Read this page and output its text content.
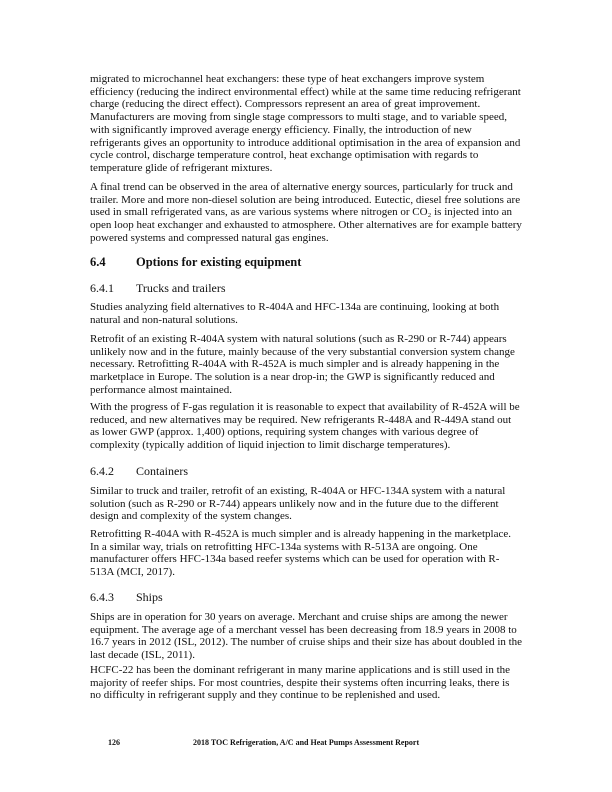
migrated to microchannel heat exchangers: these type of heat exchangers improve system
efficiency (reducing the indirect environmental effect) while at the same time reducing refrigerant
charge (reducing the direct effect). Compressors represent an area of great improvement.
Manufacturers are moving from single stage compressors to multi stage, and to variable speed,
with significantly improved average energy efficiency. Finally, the introduction of new
refrigerants gives an opportunity to introduce additional optimisation in the area of expansion and
cycle control, discharge temperature control, heat exchange optimisation with regards to
temperature glide of refrigerant mixtures.
A final trend can be observed in the area of alternative energy sources, particularly for truck and
trailer. More and more non-diesel solution are being introduced. Eutectic, diesel free solutions are
used in small refrigerated vans, as are various systems where nitrogen or CO₂ is injected into an
open loop heat exchanger and exhausted to atmosphere. Other alternatives are for example battery
powered systems and compressed natural gas engines.
6.4 Options for existing equipment
6.4.1 Trucks and trailers
Studies analyzing field alternatives to R-404A and HFC-134a are continuing, looking at both
natural and non-natural solutions.
Retrofit of an existing R-404A system with natural solutions (such as R-290 or R-744) appears
unlikely now and in the future, mainly because of the very substantial conversion system change
necessary. Retrofitting R-404A with R-452A is much simpler and is already happening in the
marketplace in Europe. The solution is a near drop-in; the GWP is significantly reduced and
performance almost maintained.
With the progress of F-gas regulation it is reasonable to expect that availability of R-452A will be
reduced, and new alternatives may be required. New refrigerants R-448A and R-449A stand out
as lower GWP (approx. 1,400) options, requiring system changes with various degree of
complexity (typically addition of liquid injection to limit discharge temperatures).
6.4.2 Containers
Similar to truck and trailer, retrofit of an existing, R-404A or HFC-134A system with a natural
solution (such as R-290 or R-744) appears unlikely now and in the future due to the different
design and complexity of the system changes.
Retrofitting R-404A with R-452A is much simpler and is already happening in the marketplace.
In a similar way, trials on retrofitting HFC-134a systems with R-513A are ongoing. One
manufacturer offers HFC-134a based reefer systems which can be used for operation with R-
513A (MCI, 2017).
6.4.3 Ships
Ships are in operation for 30 years on average. Merchant and cruise ships are among the newer
equipment. The average age of a merchant vessel has been decreasing from 18.9 years in 2008 to
16.7 years in 2012 (ISL, 2012). The number of cruise ships and their size has about doubled in the
last decade (ISL, 2011).
HCFC-22 has been the dominant refrigerant in many marine applications and is still used in the
majority of reefer ships. For most countries, despite their systems often incurring leaks, there is
no difficulty in refrigerant supply and they continue to be replenished and used.
126	2018 TOC Refrigeration, A/C and Heat Pumps Assessment Report
